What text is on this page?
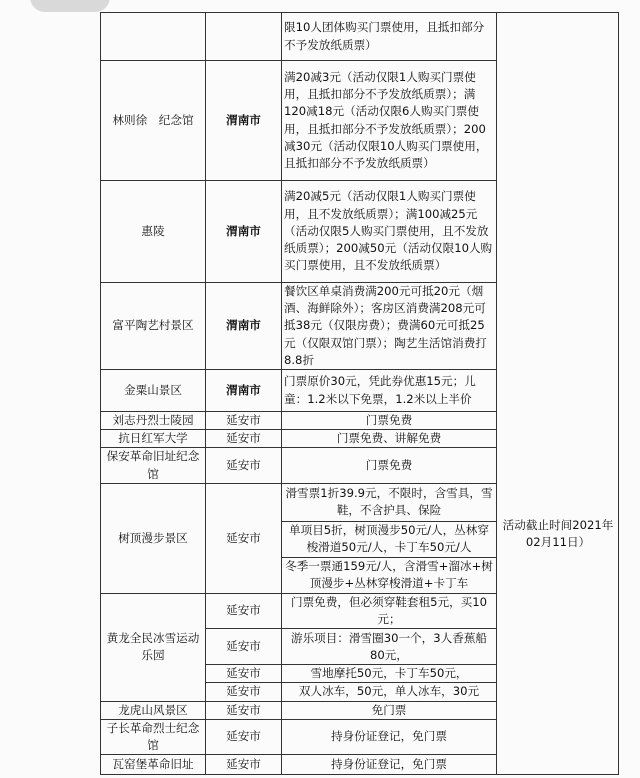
		限10人团体购买门票使用，且抵扣部分不予发放纸质票）	

林则徐　纪念馆	渭南市	满20减3元（活动仅限1人购买门票使用，且抵扣部分不予发放纸质票）；满120减18元（活动仅限6人购买门票使用，且抵扣部分不予发放纸质票）；200减30元（活动仅限10人购买门票使用，且抵扣部分不予发放纸质票）	
惠陵	渭南市	满20减5元（活动仅限1人购买门票使用，且不发放纸质票）；满100减25元（活动仅限5人购买门票使用，且不发放纸质票）；200减50元（活动仅限10人购买门票使用，且不发放纸质票）	
富平陶艺村景区	渭南市	餐饮区单桌消费满200元可抵20元（烟酒、海鲜除外）；客房区消费满208元可抵38元（仅限房费）；费满60元可抵25元（仅限双馆门票）；陶艺生活馆消费打8.8折	
金粟山景区	渭南市	门票原价30元，凭此券优惠15元；儿童：1.2米以下免票，1.2米以上半价	
刘志丹烈士陵园	延安市	门票免费	
抗日红军大学	延安市	门票免费、讲解免费	
保安革命旧址纪念馆	延安市	门票免费	
树顶漫步景区	延安市	滑雪票1折39.9元，不限时，含雪具，雪鞋，不含护具、保险	
		单项目5折，树顶漫步50元/人，丛林穿梭滑道50元/人，卡丁车50元/人	
		冬季一票通159元/人，含滑雪+溜冰+树顶漫步+丛林穿梭滑道+卡丁车	
黄龙全民冰雪运动乐园	延安市	门票免费，但必须穿鞋套租5元，买10元；	
	延安市	游乐项目：滑雪圈30一个，3人香蕉船 80元，	
	延安市	雪地摩托50元，卡丁车50元，	
	延安市	双人冰车，50元，单人冰车，30元	
龙虎山风景区	延安市	免门票	
子长革命烈士纪念馆	延安市	持身份证登记，免门票	
瓦窑堡革命旧址	延安市	持身份证登记，免门票	
活动截止时间2021年02月11日）
